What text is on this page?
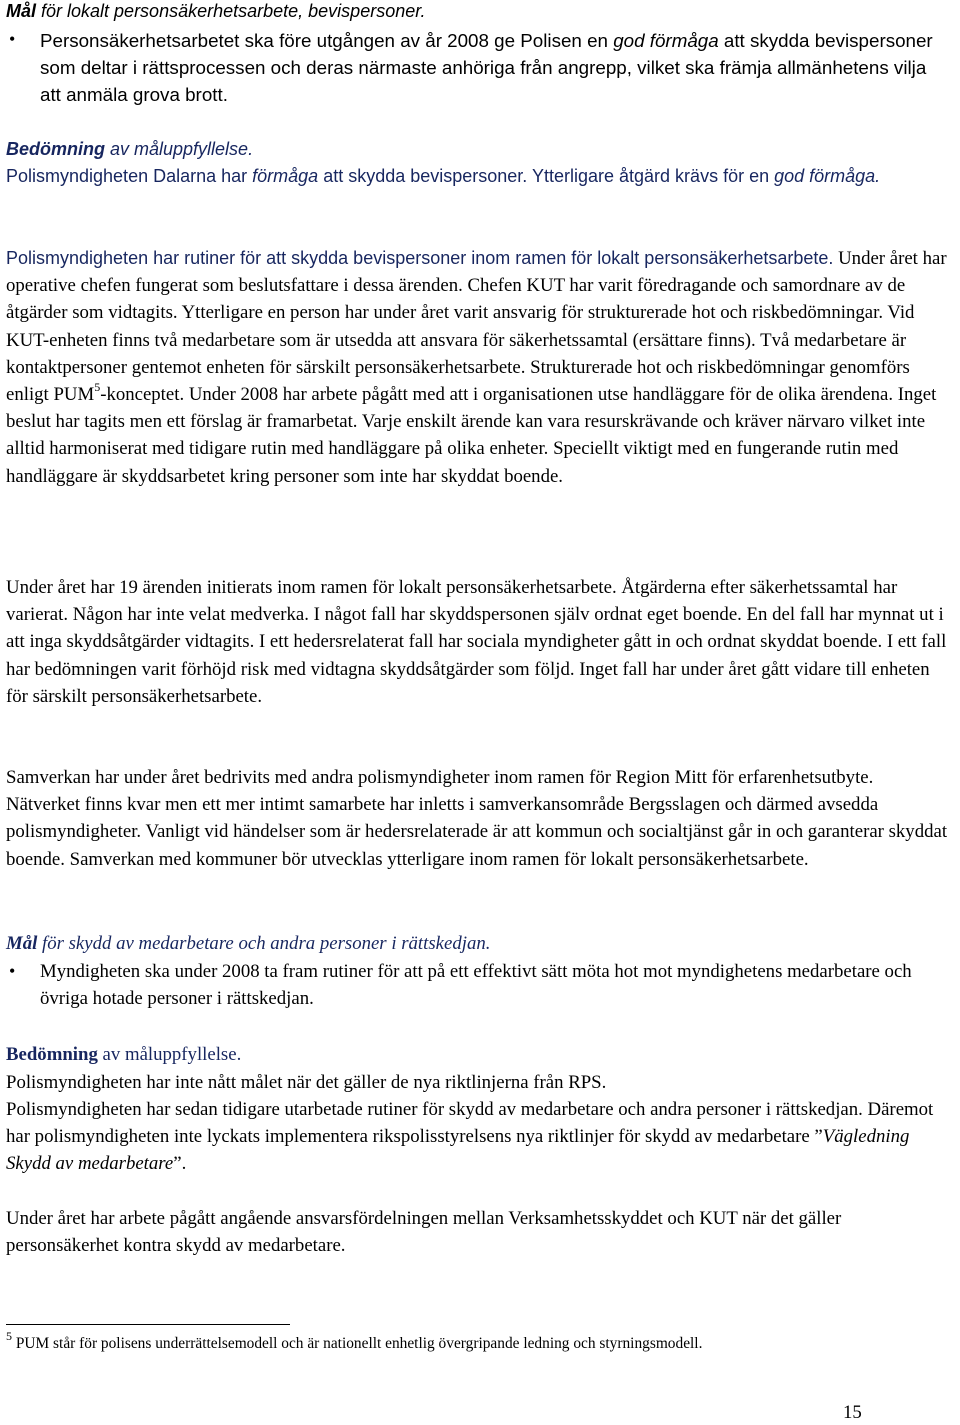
Mål för lokalt personsäkerhetsarbete, bevispersoner.
• Personsäkerhetsarbetet ska före utgången av år 2008 ge Polisen en god förmåga att skydda bevispersoner som deltar i rättsprocessen och deras närmaste anhöriga från angrepp, vilket ska främja allmänhetens vilja att anmäla grova brott.
Bedömning av måluppfyllelse.
Polismyndigheten Dalarna har förmåga att skydda bevispersoner. Ytterligare åtgärd krävs för en god förmåga.
Polismyndigheten har rutiner för att skydda bevispersoner inom ramen för lokalt personsäkerhetsarbete. Under året har operative chefen fungerat som beslutsfattare i dessa ärenden. Chefen KUT har varit föredragande och samordnare av de åtgärder som vidtagits. Ytterligare en person har under året varit ansvarig för strukturerade hot och riskbedömningar. Vid KUT-enheten finns två medarbetare som är utsedda att ansvara för säkerhetssamtal (ersättare finns). Två medarbetare är kontaktpersoner gentemot enheten för särskilt personsäkerhetsarbete. Strukturerade hot och riskbedömningar genomförs enligt PUM$^5$-konceptet. Under 2008 har arbete pågått med att i organisationen utse handläggare för de olika ärendena. Inget beslut har tagits men ett förslag är framarbetat. Varje enskilt ärende kan vara resurskrävande och kräver närvaro vilket inte alltid harmoniserat med tidigare rutin med handläggare på olika enheter. Speciellt viktigt med en fungerande rutin med handläggare är skyddsarbetet kring personer som inte har skyddat boende.
Under året har 19 ärenden initierats inom ramen för lokalt personsäkerhetsarbete. Åtgärderna efter säkerhetssamtal har varierat. Någon har inte velat medverka. I något fall har skyddspersonen själv ordnat eget boende. En del fall har mynnat ut i att inga skyddsåtgärder vidtagits. I ett hedersrelaterat fall har sociala myndigheter gått in och ordnat skyddat boende. I ett fall har bedömningen varit förhöjd risk med vidtagna skyddsåtgärder som följd. Inget fall har under året gått vidare till enheten för särskilt personsäkerhetsarbete.
Samverkan har under året bedrivits med andra polismyndigheter inom ramen för Region Mitt för erfarenhetsutbyte. Nätverket finns kvar men ett mer intimt samarbete har inletts i samverkansområde Bergsslagen och därmed avsedda polismyndigheter. Vanligt vid händelser som är hedersrelaterade är att kommun och socialtjänst går in och garanterar skyddat boende. Samverkan med kommuner bör utvecklas ytterligare inom ramen för lokalt personsäkerhetsarbete.
Mål för skydd av medarbetare och andra personer i rättskedjan.
• Myndigheten ska under 2008 ta fram rutiner för att på ett effektivt sätt möta hot mot myndighetens medarbetare och övriga hotade personer i rättskedjan.
Bedömning av måluppfyllelse.
Polismyndigheten har inte nått målet när det gäller de nya riktlinjerna från RPS.
Polismyndigheten har sedan tidigare utarbetade rutiner för skydd av medarbetare och andra personer i rättskedjan. Däremot har polismyndigheten inte lyckats implementera rikspolisstyrelsens nya riktlinjer för skydd av medarbetare ”Vägledning Skydd av medarbetare”.
Under året har arbete pågått angående ansvarsfördelningen mellan Verksamhetsskyddet och KUT när det gäller personsäkerhet kontra skydd av medarbetare.
$^5$ PUM står för polisens underrättelsemodell och är nationellt enhetlig övergripande ledning och styrningsmodell.
15
